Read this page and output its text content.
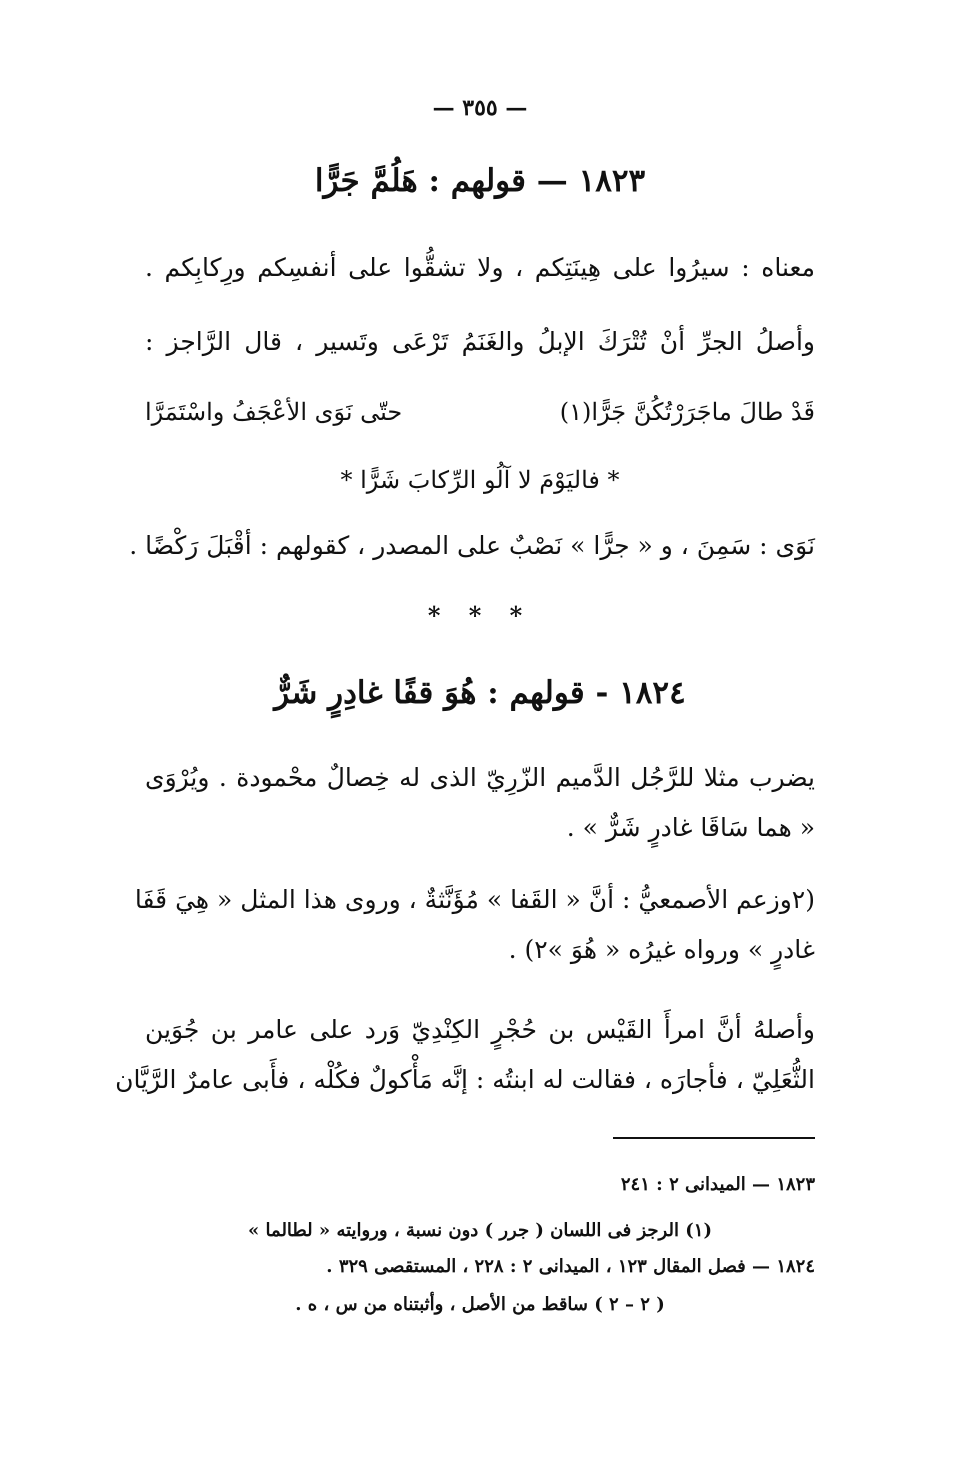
— ٣٥٥ —
١٨٢٣ — قولهم : هَلُمَّ جَرًّا
معناه : سيرُوا على هِينَتِكم ، ولا تشقُّوا على أنفسِكم ورِكابِكم .
وأصلُ الجرِّ أنْ تُتْرَكَ الإبلُ والغَنَمُ تَرْعَى وتَسير ، قال الرَّاجز :
قَدْ طالَ ماجَرَرْتُكُنَّ جَرًّا(١)
حتّى نَوَى الأعْجَفُ واسْتَمَرَّا
* فاليَوْمَ لا آلُو الرِّكابَ شَرًّا *
نَوَى : سَمِنَ ، و « جرًّا » نَصْبٌ على المصدر ، كقولهم : أقْبَلَ رَكْضًا .
* * *
١٨٢٤ - قولهم : هُوَ قفًا غادِرٍ شَرٌّ
يضرب مثلا للرَّجُل الدَّميم الزّرِيّ الذى له خِصالٌ محْمودة . ويُرْوَى
« هما سَاقَا غادرٍ شَرٌّ » .
(٢وزعم الأصمعيُّ : أنَّ « القَفا » مُؤَنَّثةٌ ، وروى هذا المثل « هِيَ قَفَا
غادرٍ » ورواه غيرُه « هُوَ »٢) .
وأصلهُ أنَّ امرأَ القَيْس بن حُجْرٍ الكِنْدِيّ وَرد على عامر بن جُوَين
الثُّعَلِيّ ، فأجارَه ، فقالت له ابنتُه : إنَّه مَأْكولٌ فكُلْه ، فأَبى عامرٌ الرَّيَّان
١٨٢٣ — الميدانى ٢ : ٢٤١
(١) الرجز فى اللسان ( جرر ) دون نسبة ، وروايته « لطالما »
١٨٢٤ — فصل المقال ١٢٣ ، الميدانى ٢ : ٢٢٨ ، المستقصى ٣٢٩ .
( ٢ – ٢ ) ساقط من الأصل ، وأثبتناه من س ، ه .
